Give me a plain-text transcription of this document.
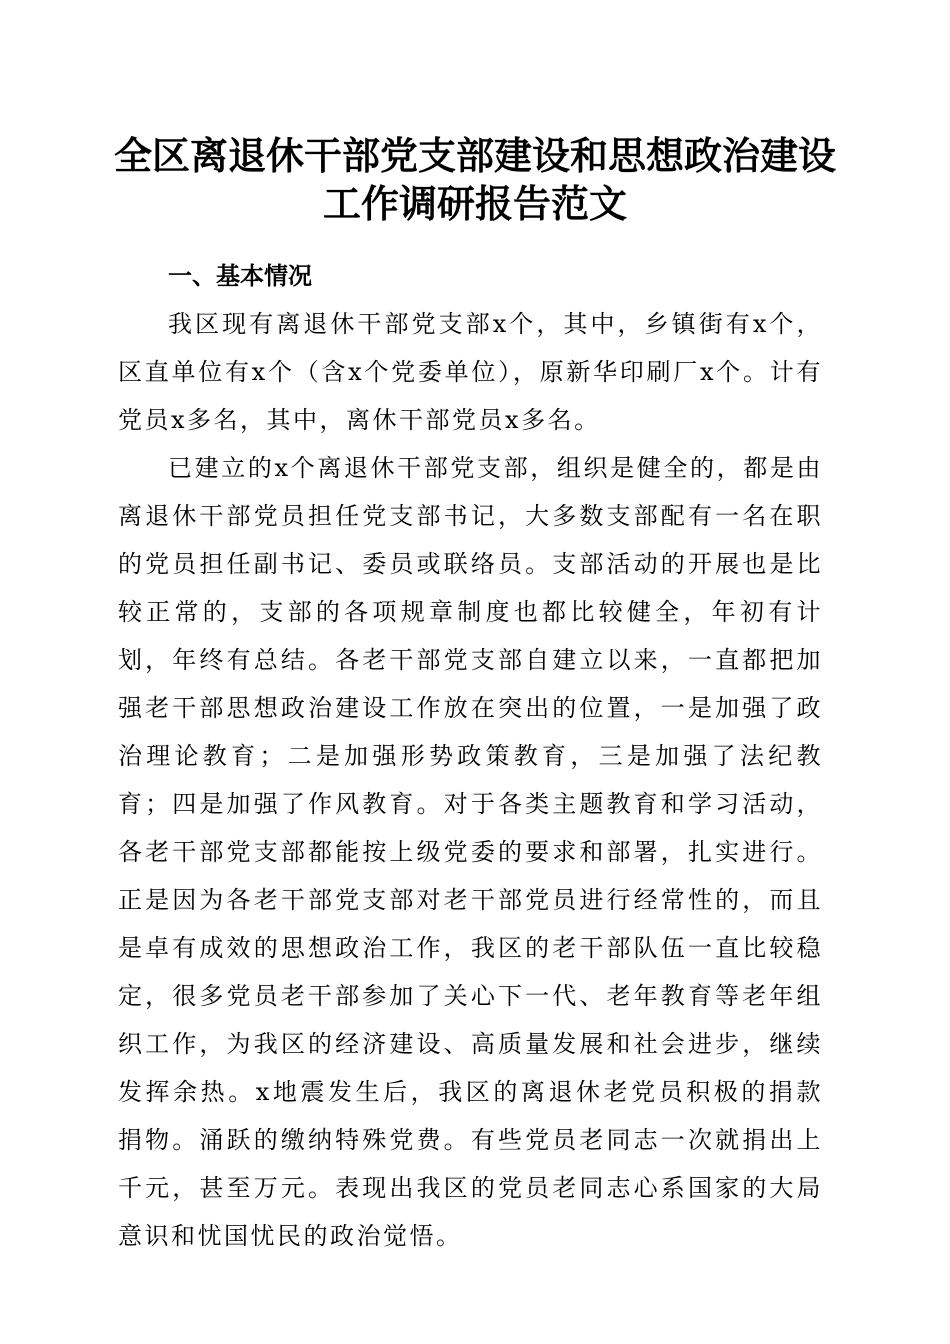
全区离退休干部党支部建设和思想政治建设工作调研报告范文
一、基本情况

我区现有离退休干部党支部x个，其中，乡镇街有x个，区直单位有x个（含x个党委单位），原新华印刷厂x个。计有党员x多名，其中，离休干部党员x多名。

已建立的x个离退休干部党支部，组织是健全的，都是由离退休干部党员担任党支部书记，大多数支部配有一名在职的党员担任副书记、委员或联络员。支部活动的开展也是比较正常的，支部的各项规章制度也都比较健全，年初有计划，年终有总结。各老干部党支部自建立以来，一直都把加强老干部思想政治建设工作放在突出的位置，一是加强了政治理论教育；二是加强形势政策教育，三是加强了法纪教育；四是加强了作风教育。对于各类主题教育和学习活动，各老干部党支部都能按上级党委的要求和部署，扎实进行。正是因为各老干部党支部对老干部党员进行经常性的，而且是卓有成效的思想政治工作，我区的老干部队伍一直比较稳定，很多党员老干部参加了关心下一代、老年教育等老年组织工作，为我区的经济建设、高质量发展和社会进步，继续发挥余热。x地震发生后，我区的离退休老党员积极的捐款捐物。涌跃的缴纳特殊党费。有些党员老同志一次就捐出上千元，甚至万元。表现出我区的党员老同志心系国家的大局意识和忧国忧民的政治觉悟。
